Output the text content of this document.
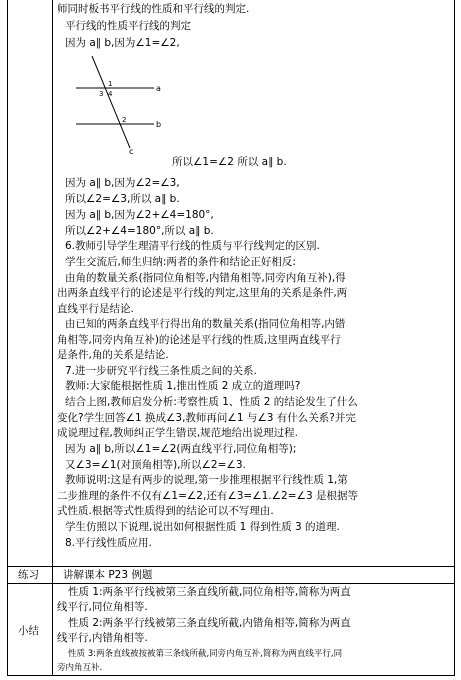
师同时板书平行线的性质和平行线的判定.
平行线的性质平行线的判定
因为 a∥ b,因为∠1=∠2,
1
3 4
a
2	b
c
所以∠1=∠2 所以 a∥ b.
因为 a∥ b,因为∠2=∠3,
所以∠2=∠3,所以 a∥ b.
因为 a∥ b,因为∠2+∠4=180°,
所以∠2+∠4=180°,所以 a∥ b.
6.教师引导学生理清平行线的性质与平行线判定的区别.
学生交流后,师生归纳:两者的条件和结论正好相反:
由角的数量关系(指同位角相等,内错角相等,同旁内角互补),得
出两条直线平行的论述是平行线的判定,这里角的关系是条件,两
直线平行是结论.
由已知的两条直线平行得出角的数量关系(指同位角相等,内错
角相等,同旁内角互补)的论述是平行线的性质,这里两直线平行
是条件,角的关系是结论.
7.进一步研究平行线三条性质之间的关系.
教师:大家能根据性质 1,推出性质 2 成立的道理吗?
结合上图,教师启发分析:考察性质 1、性质 2 的结论发生了什么
变化?学生回答∠1 换成∠3,教师再问∠1 与∠3 有什么关系?并完
成说理过程,教师纠正学生错误,规范地给出说理过程.
因为 a∥ b,所以∠1=∠2(两直线平行,同位角相等);
又∠3=∠1(对顶角相等),所以∠2=∠3.
教师说明:这是有两步的说理,第一步推理根据平行线性质 1,第
二步推理的条件不仅有∠1=∠2,还有∠3=∠1.∠2=∠3 是根据等
式性质.根据等式性质得到的结论可以不写理由.
学生仿照以下说理,说出如何根据性质 1 得到性质 3 的道理.
8.平行线性质应用.
练习 讲解课本 P23 例题
小结
性质 1:两条平行线被第三条直线所截,同位角相等,简称为两直
线平行,同位角相等.
性质 2:两条平行线被第三条直线所截,内错角相等,简称为两直
线平行,内错角相等.
性质 3:两条直线被按被第三条线所截,同旁内角互补,简称为两直线平行,同
旁内角互补.
